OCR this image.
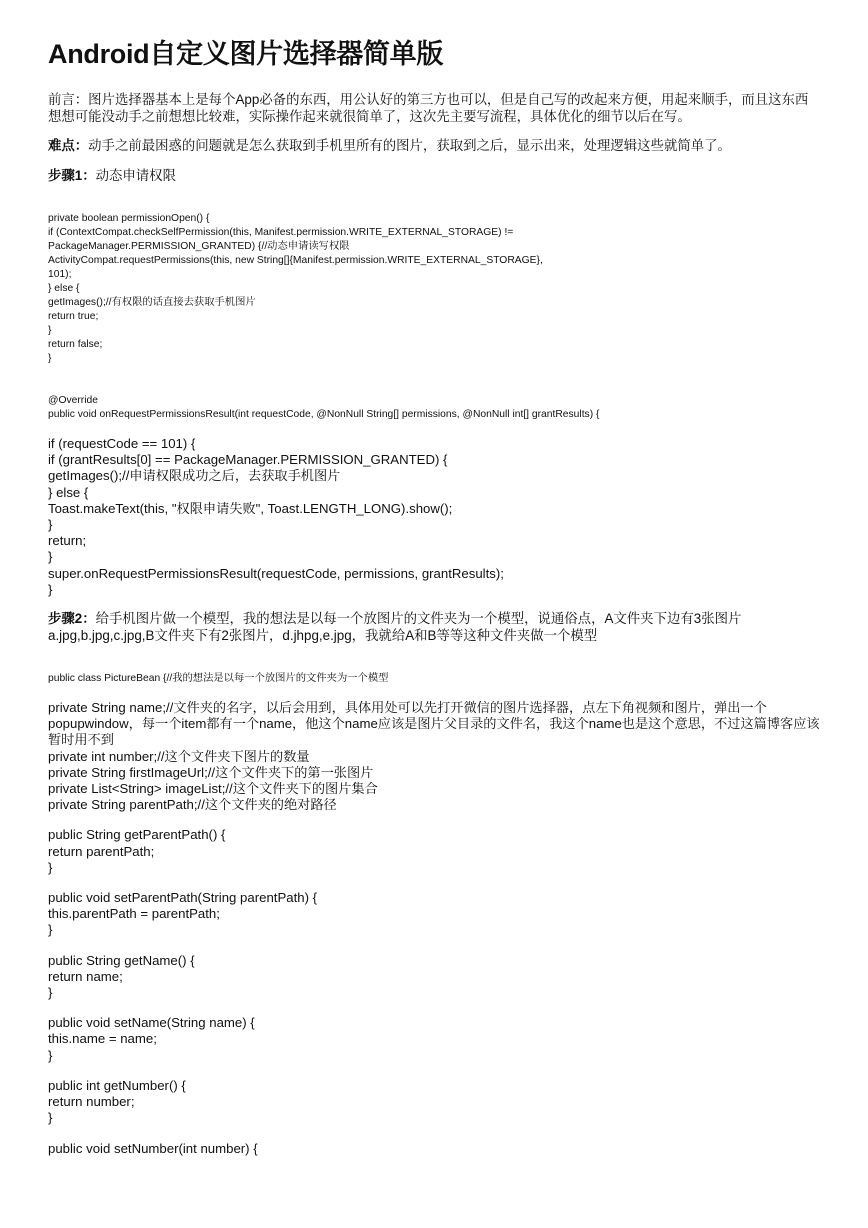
Android自定义图片选择器简单版

前言：图片选择器基本上是每个App必备的东西，用公认好的第三方也可以，但是自己写的改起来方便，用起来顺手，而且这东西想想可能没动手之前想想比较难，实际操作起来就很简单了，这次先主要写流程，具体优化的细节以后在写。

难点：动手之前最困惑的问题就是怎么获取到手机里所有的图片，获取到之后，显示出来，处理逻辑这些就简单了。

步骤1：动态申请权限

private boolean permissionOpen() {
if (ContextCompat.checkSelfPermission(this, Manifest.permission.WRITE_EXTERNAL_STORAGE) !=
PackageManager.PERMISSION_GRANTED) {//动态申请读写权限
ActivityCompat.requestPermissions(this, new String[]{Manifest.permission.WRITE_EXTERNAL_STORAGE},
101);
} else {
getImages();//有权限的话直接去获取手机图片
return true;
}
return false;
}
@Override
public void onRequestPermissionsResult(int requestCode, @NonNull String[] permissions, @NonNull int[] grantResults) {
if (requestCode == 101) {
if (grantResults[0] == PackageManager.PERMISSION_GRANTED) {
getImages();//申请权限成功之后，去获取手机图片
} else {
Toast.makeText(this, "权限申请失败", Toast.LENGTH_LONG).show();
}
return;
}
super.onRequestPermissionsResult(requestCode, permissions, grantResults);
}

步骤2：给手机图片做一个模型，我的想法是以每一个放图片的文件夹为一个模型，说通俗点，A文件夹下边有3张图片a.jpg,b.jpg,c.jpg,B文件夹下有2张图片，d.jhpg,e.jpg，我就给A和B等等这种文件夹做一个模型

public class PictureBean {//我的想法是以每一个放图片的文件夹为一个模型
private String name;//文件夹的名字，以后会用到，具体用处可以先打开微信的图片选择器，点左下角视频和图片，弹出一个popupwindow，每一个item都有一个name，他这个name应该是图片父目录的文件名，我这个name也是这个意思，不过这篇博客应该暂时用不到
private int number;//这个文件夹下图片的数量
private String firstImageUrl;//这个文件夹下的第一张图片
private List<String> imageList;//这个文件夹下的图片集合
private String parentPath;//这个文件夹的绝对路径
public String getParentPath() {
return parentPath;
}
public void setParentPath(String parentPath) {
this.parentPath = parentPath;
}
public String getName() {
return name;
}
public void setName(String name) {
this.name = name;
}
public int getNumber() {
return number;
}
public void setNumber(int number) {
